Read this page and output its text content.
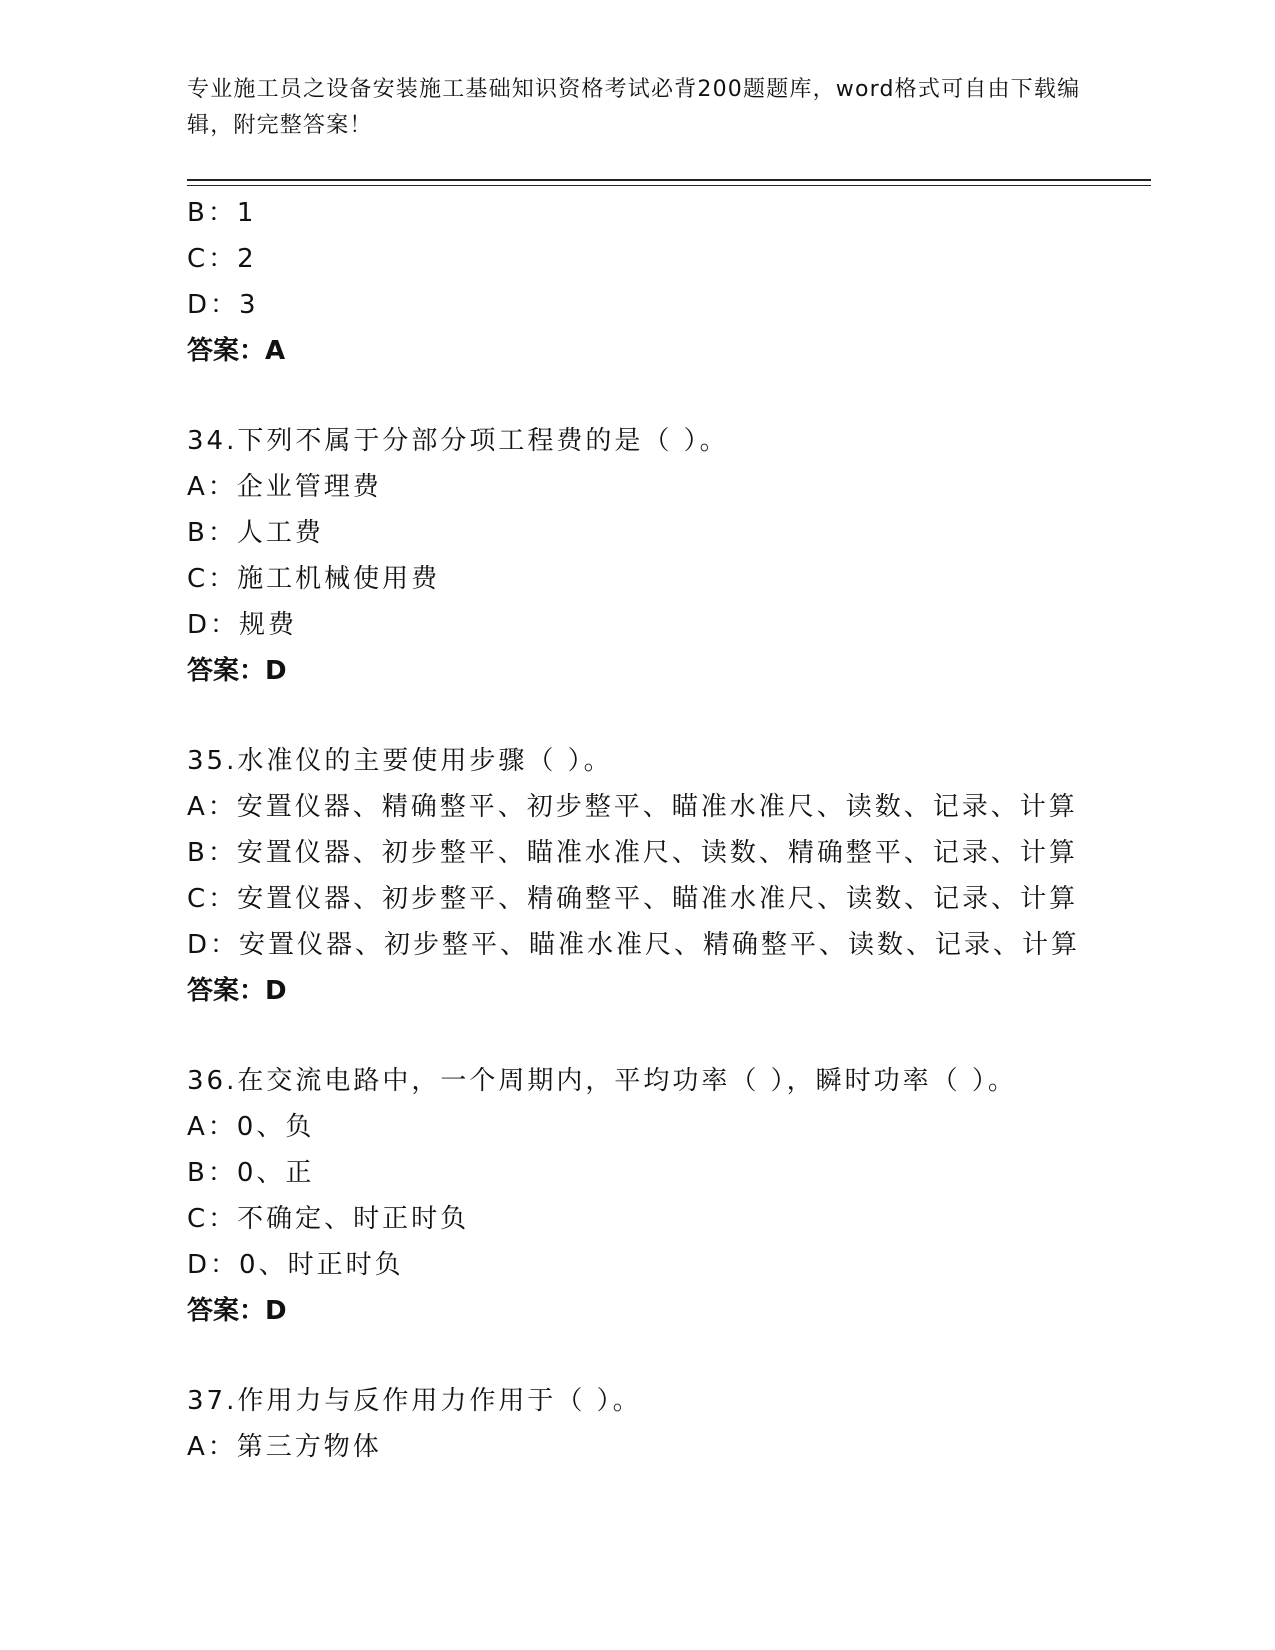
专业施工员之设备安装施工基础知识资格考试必背200题题库，word格式可自由下载编辑，附完整答案！
B：1
C：2
D：3
答案：A
34.下列不属于分部分项工程费的是（ ）。
A：企业管理费
B：人工费
C：施工机械使用费
D：规费
答案：D
35.水准仪的主要使用步骤（ ）。
A：安置仪器、精确整平、初步整平、瞄准水准尺、读数、记录、计算
B：安置仪器、初步整平、瞄准水准尺、读数、精确整平、记录、计算
C：安置仪器、初步整平、精确整平、瞄准水准尺、读数、记录、计算
D：安置仪器、初步整平、瞄准水准尺、精确整平、读数、记录、计算
答案：D
36.在交流电路中，一个周期内，平均功率（ ），瞬时功率（ ）。
A：0、负
B：0、正
C：不确定、时正时负
D：0、时正时负
答案：D
37.作用力与反作用力作用于（ ）。
A：第三方物体
